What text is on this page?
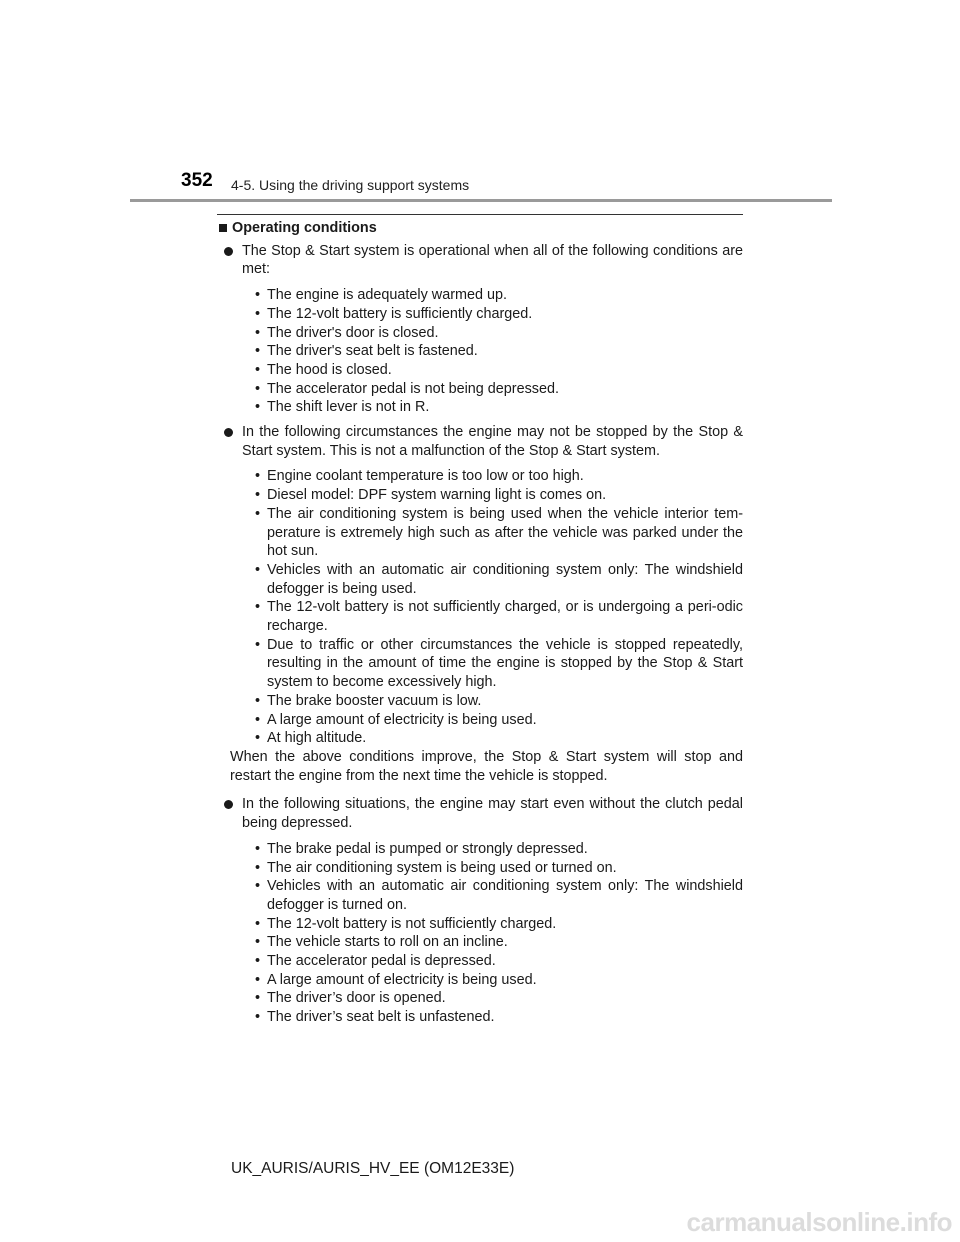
352 4-5. Using the driving support systems
Operating conditions
The Stop & Start system is operational when all of the following conditions are met:
• The engine is adequately warmed up.
• The 12-volt battery is sufficiently charged.
• The driver's door is closed.
• The driver's seat belt is fastened.
• The hood is closed.
• The accelerator pedal is not being depressed.
• The shift lever is not in R.
In the following circumstances the engine may not be stopped by the Stop & Start system. This is not a malfunction of the Stop & Start system.
• Engine coolant temperature is too low or too high.
• Diesel model: DPF system warning light is comes on.
• The air conditioning system is being used when the vehicle interior tem-perature is extremely high such as after the vehicle was parked under the hot sun.
• Vehicles with an automatic air conditioning system only: The windshield defogger is being used.
• The 12-volt battery is not sufficiently charged, or is undergoing a peri-odic recharge.
• Due to traffic or other circumstances the vehicle is stopped repeatedly, resulting in the amount of time the engine is stopped by the Stop & Start system to become excessively high.
• The brake booster vacuum is low.
• A large amount of electricity is being used.
• At high altitude.
When the above conditions improve, the Stop & Start system will stop and restart the engine from the next time the vehicle is stopped.
In the following situations, the engine may start even without the clutch pedal being depressed.
• The brake pedal is pumped or strongly depressed.
• The air conditioning system is being used or turned on.
• Vehicles with an automatic air conditioning system only: The windshield defogger is turned on.
• The 12-volt battery is not sufficiently charged.
• The vehicle starts to roll on an incline.
• The accelerator pedal is depressed.
• A large amount of electricity is being used.
• The driver’s door is opened.
• The driver’s seat belt is unfastened.
UK_AURIS/AURIS_HV_EE (OM12E33E)
carmanualsonline.info
